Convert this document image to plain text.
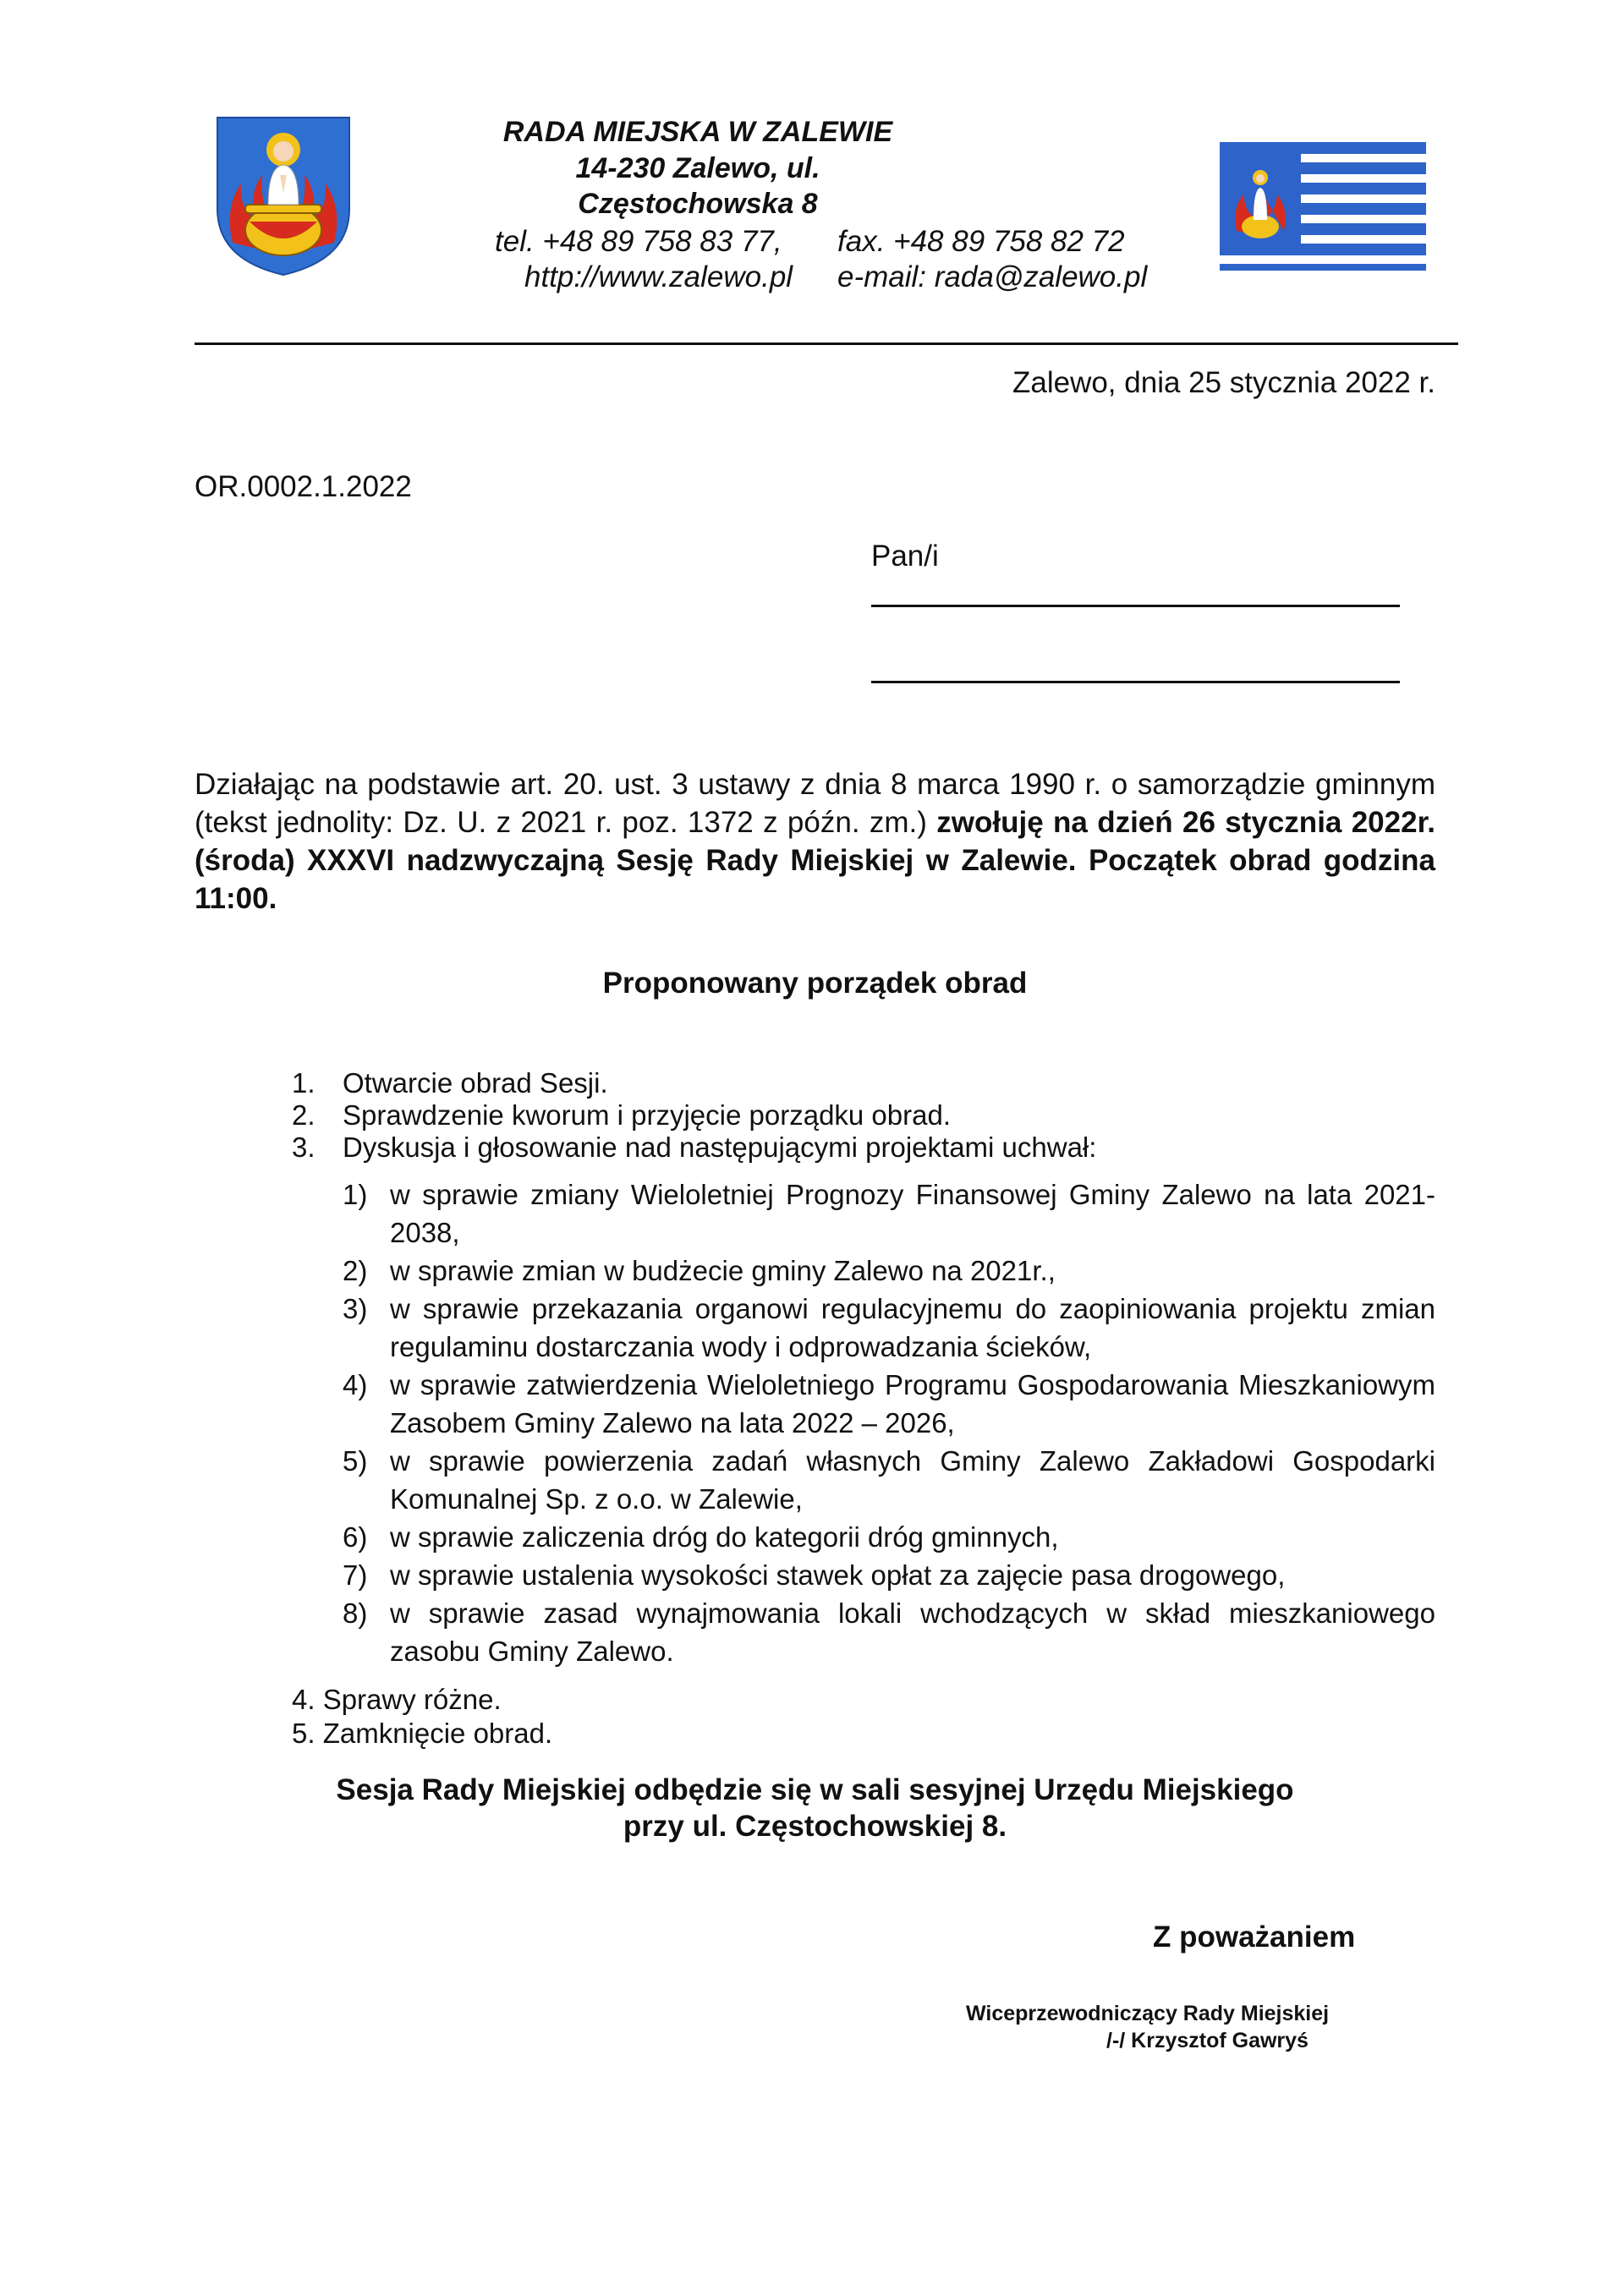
RADA MIEJSKA W ZALEWIE
14-230 Zalewo, ul. Częstochowska 8
tel. +48 89 758 83 77, fax. +48 89 758 82 72
http://www.zalewo.pl e-mail: rada@zalewo.pl
Zalewo, dnia 25 stycznia 2022 r.
OR.0002.1.2022
Pan/i
Działając na podstawie art. 20. ust. 3 ustawy z dnia 8 marca 1990 r. o samorządzie gminnym (tekst jednolity: Dz. U. z 2021 r. poz. 1372 z późn. zm.) zwołuję na dzień 26 stycznia 2022r. (środa) XXXVI nadzwyczajną Sesję Rady Miejskiej w Zalewie. Początek obrad godzina 11:00.
Proponowany porządek obrad
1. Otwarcie obrad Sesji.
2. Sprawdzenie kworum i przyjęcie porządku obrad.
3. Dyskusja i głosowanie nad następującymi projektami uchwał:
1) w sprawie zmiany Wieloletniej Prognozy Finansowej Gminy Zalewo na lata 2021- 2038,
2) w sprawie zmian w budżecie gminy Zalewo na 2021r.,
3) w sprawie przekazania organowi regulacyjnemu do zaopiniowania projektu zmian regulaminu dostarczania wody i odprowadzania ścieków,
4) w sprawie zatwierdzenia Wieloletniego Programu Gospodarowania Mieszkaniowym Zasobem Gminy Zalewo na lata 2022 – 2026,
5) w sprawie powierzenia zadań własnych Gminy Zalewo Zakładowi Gospodarki Komunalnej Sp. z o.o. w Zalewie,
6) w sprawie zaliczenia dróg do kategorii dróg gminnych,
7) w sprawie ustalenia wysokości stawek opłat za zajęcie pasa drogowego,
8) w sprawie zasad wynajmowania lokali wchodzących w skład mieszkaniowego zasobu Gminy Zalewo.
4. Sprawy różne.
5. Zamknięcie obrad.
Sesja Rady Miejskiej odbędzie się w sali sesyjnej Urzędu Miejskiego
przy ul. Częstochowskiej 8.
Z poważaniem
Wiceprzewodniczący Rady Miejskiej
/-/ Krzysztof Gawryś
